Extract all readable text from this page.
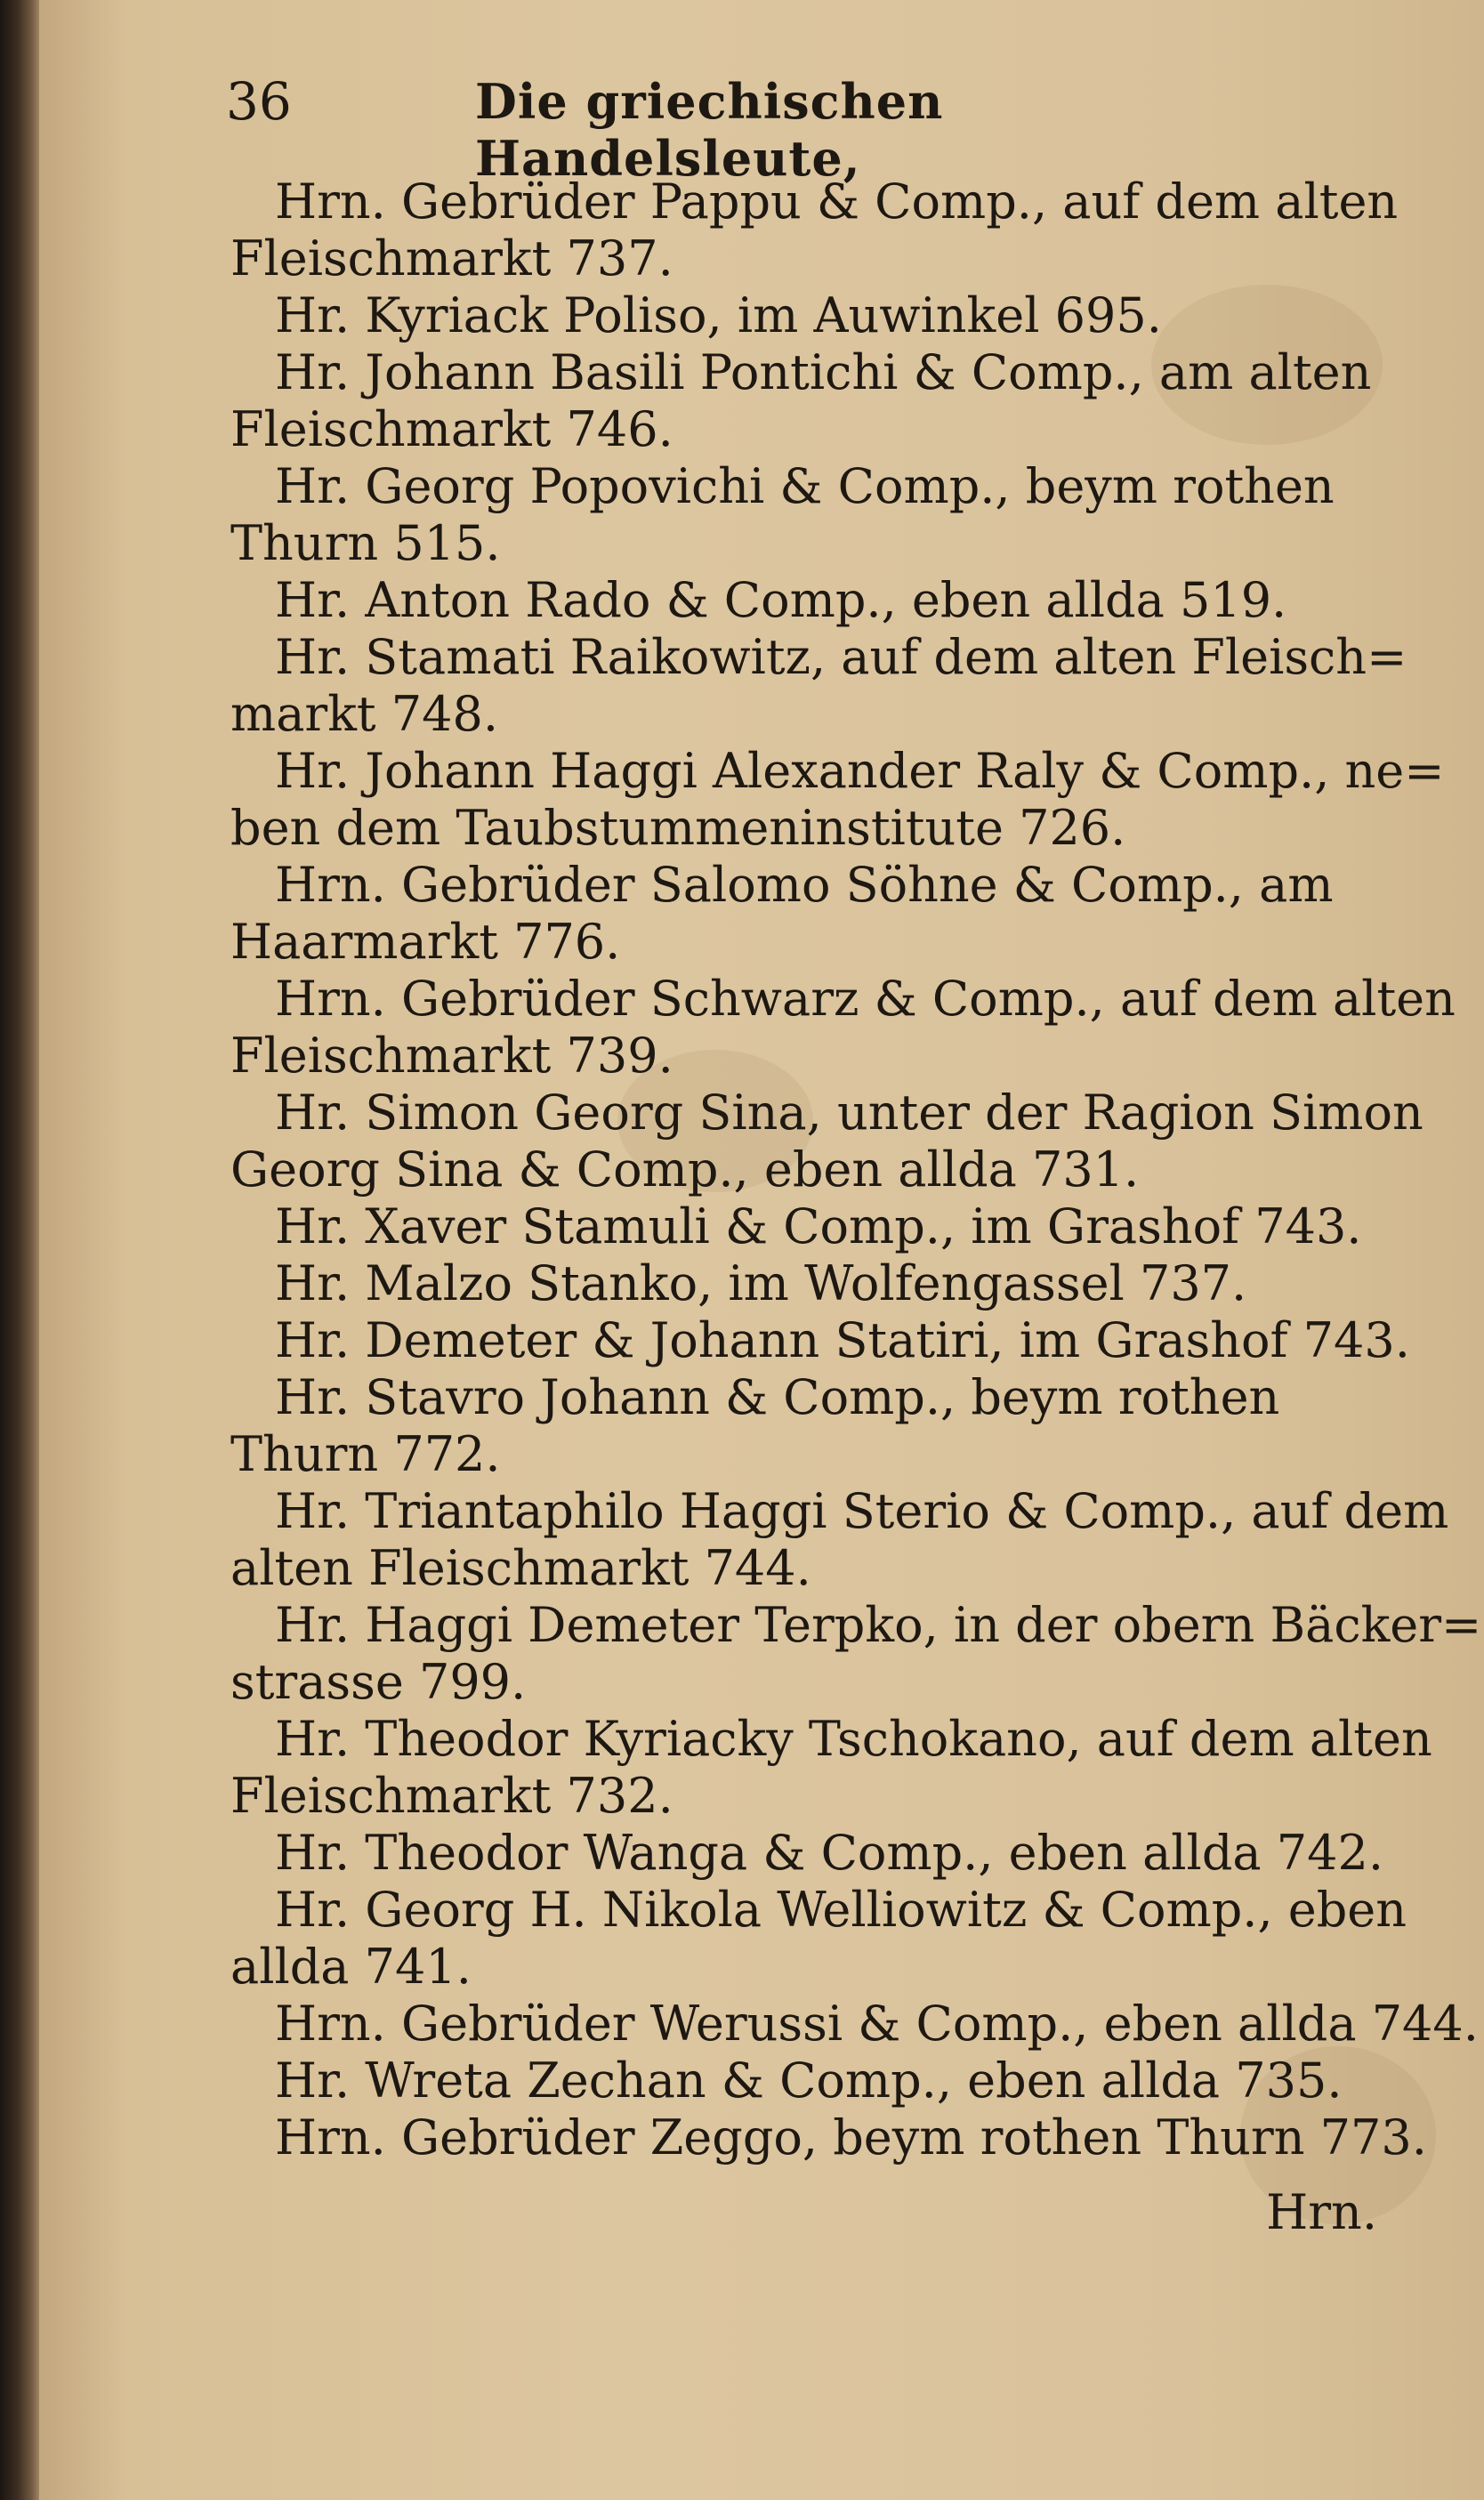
36	Die griechischen Handelsleute,
Hrn. Gebrüder Pappu & Comp., auf dem alten
Fleischmarkt 737.
Hr. Kyriack Poliso, im Auwinkel 695.
Hr. Johann Basili Pontichi & Comp., am alten
Fleischmarkt 746.
Hr. Georg Popovichi & Comp., beym rothen
Thurn 515.
Hr. Anton Rado & Comp., eben allda 519.
Hr. Stamati Raikowitz, auf dem alten Fleisch=
markt 748.
Hr. Johann Haggi Alexander Raly & Comp., ne=
ben dem Taubstummeninstitute 726.
Hrn. Gebrüder Salomo Söhne & Comp., am
Haarmarkt 776.
Hrn. Gebrüder Schwarz & Comp., auf dem alten
Fleischmarkt 739.
Hr. Simon Georg Sina, unter der Ragion Simon
Georg Sina & Comp., eben allda 731.
Hr. Xaver Stamuli & Comp., im Grashof 743.
Hr. Malzo Stanko, im Wolfengassel 737.
Hr. Demeter & Johann Statiri, im Grashof 743.
Hr. Stavro Johann & Comp., beym rothen
Thurn 772.
Hr. Triantaphilo Haggi Sterio & Comp., auf dem
alten Fleischmarkt 744.
Hr. Haggi Demeter Terpko, in der obern Bäcker=
strasse 799.
Hr. Theodor Kyriacky Tschokano, auf dem alten
Fleischmarkt 732.
Hr. Theodor Wanga & Comp., eben allda 742.
Hr. Georg H. Nikola Welliowitz & Comp., eben
allda 741.
Hrn. Gebrüder Werussi & Comp., eben allda 744.
Hr. Wreta Zechan & Comp., eben allda 735.
Hrn. Gebrüder Zeggo, beym rothen Thurn 773.
Hrn.
